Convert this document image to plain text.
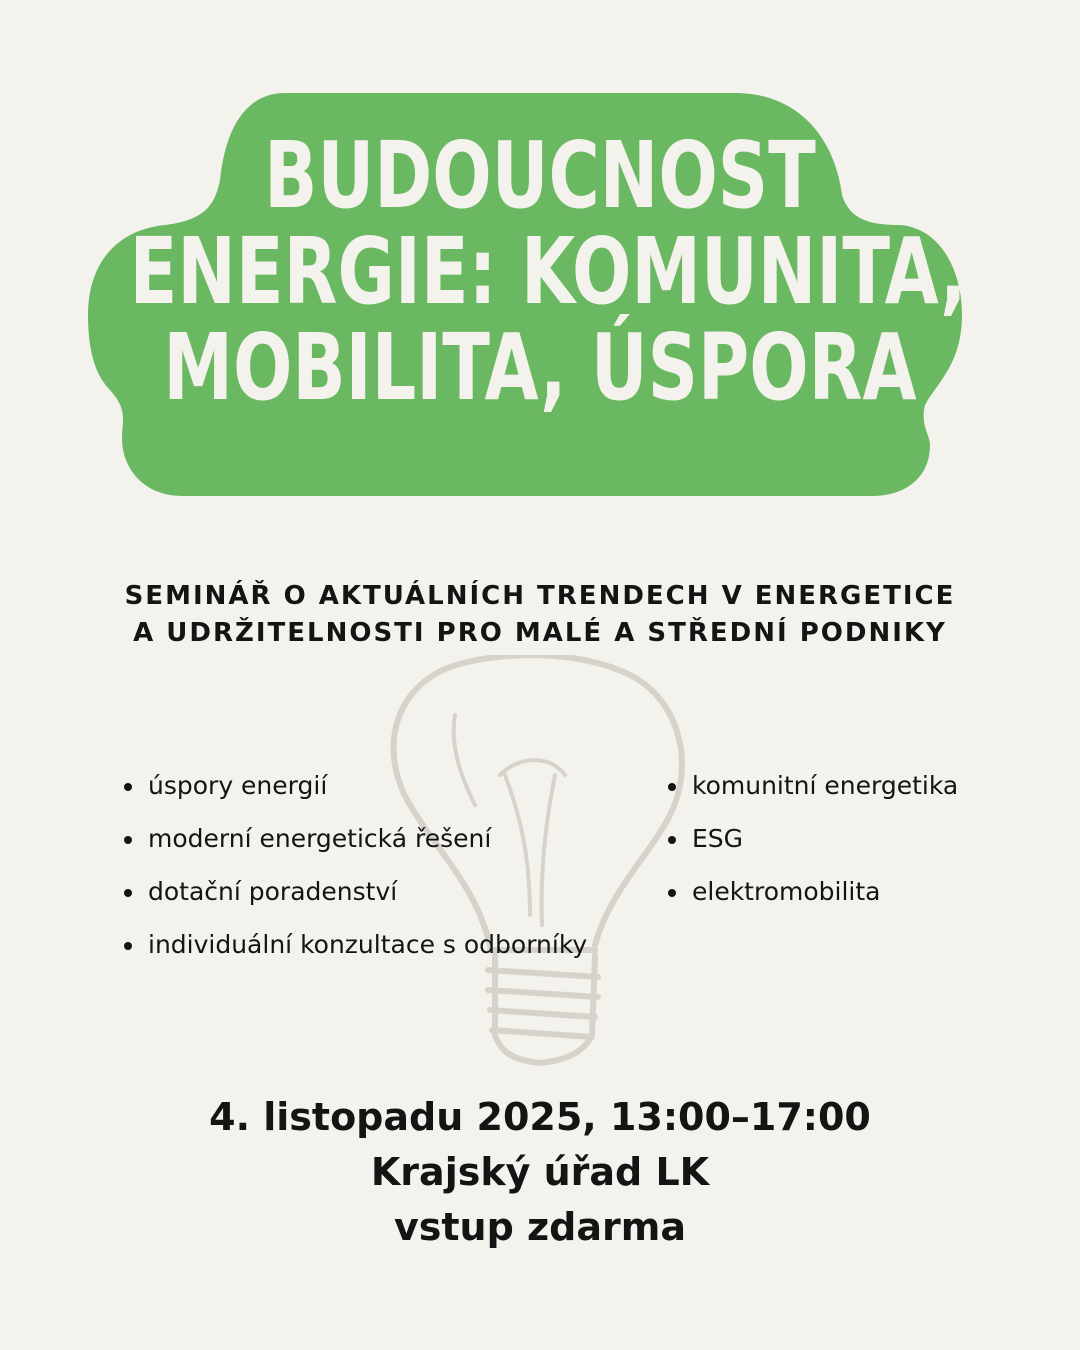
BUDOUCNOST
ENERGIE: KOMUNITA,
MOBILITA, ÚSPORA
SEMINÁŘ O AKTUÁLNÍCH TRENDECH V ENERGETICE
A UDRŽITELNOSTI PRO MALÉ A STŘEDNÍ PODNIKY
úspory energií
moderní energetická řešení
dotační poradenství
individuální konzultace s odborníky
komunitní energetika
ESG
elektromobilita
4. listopadu 2025, 13:00–17:00
Krajský úřad LK
vstup zdarma
